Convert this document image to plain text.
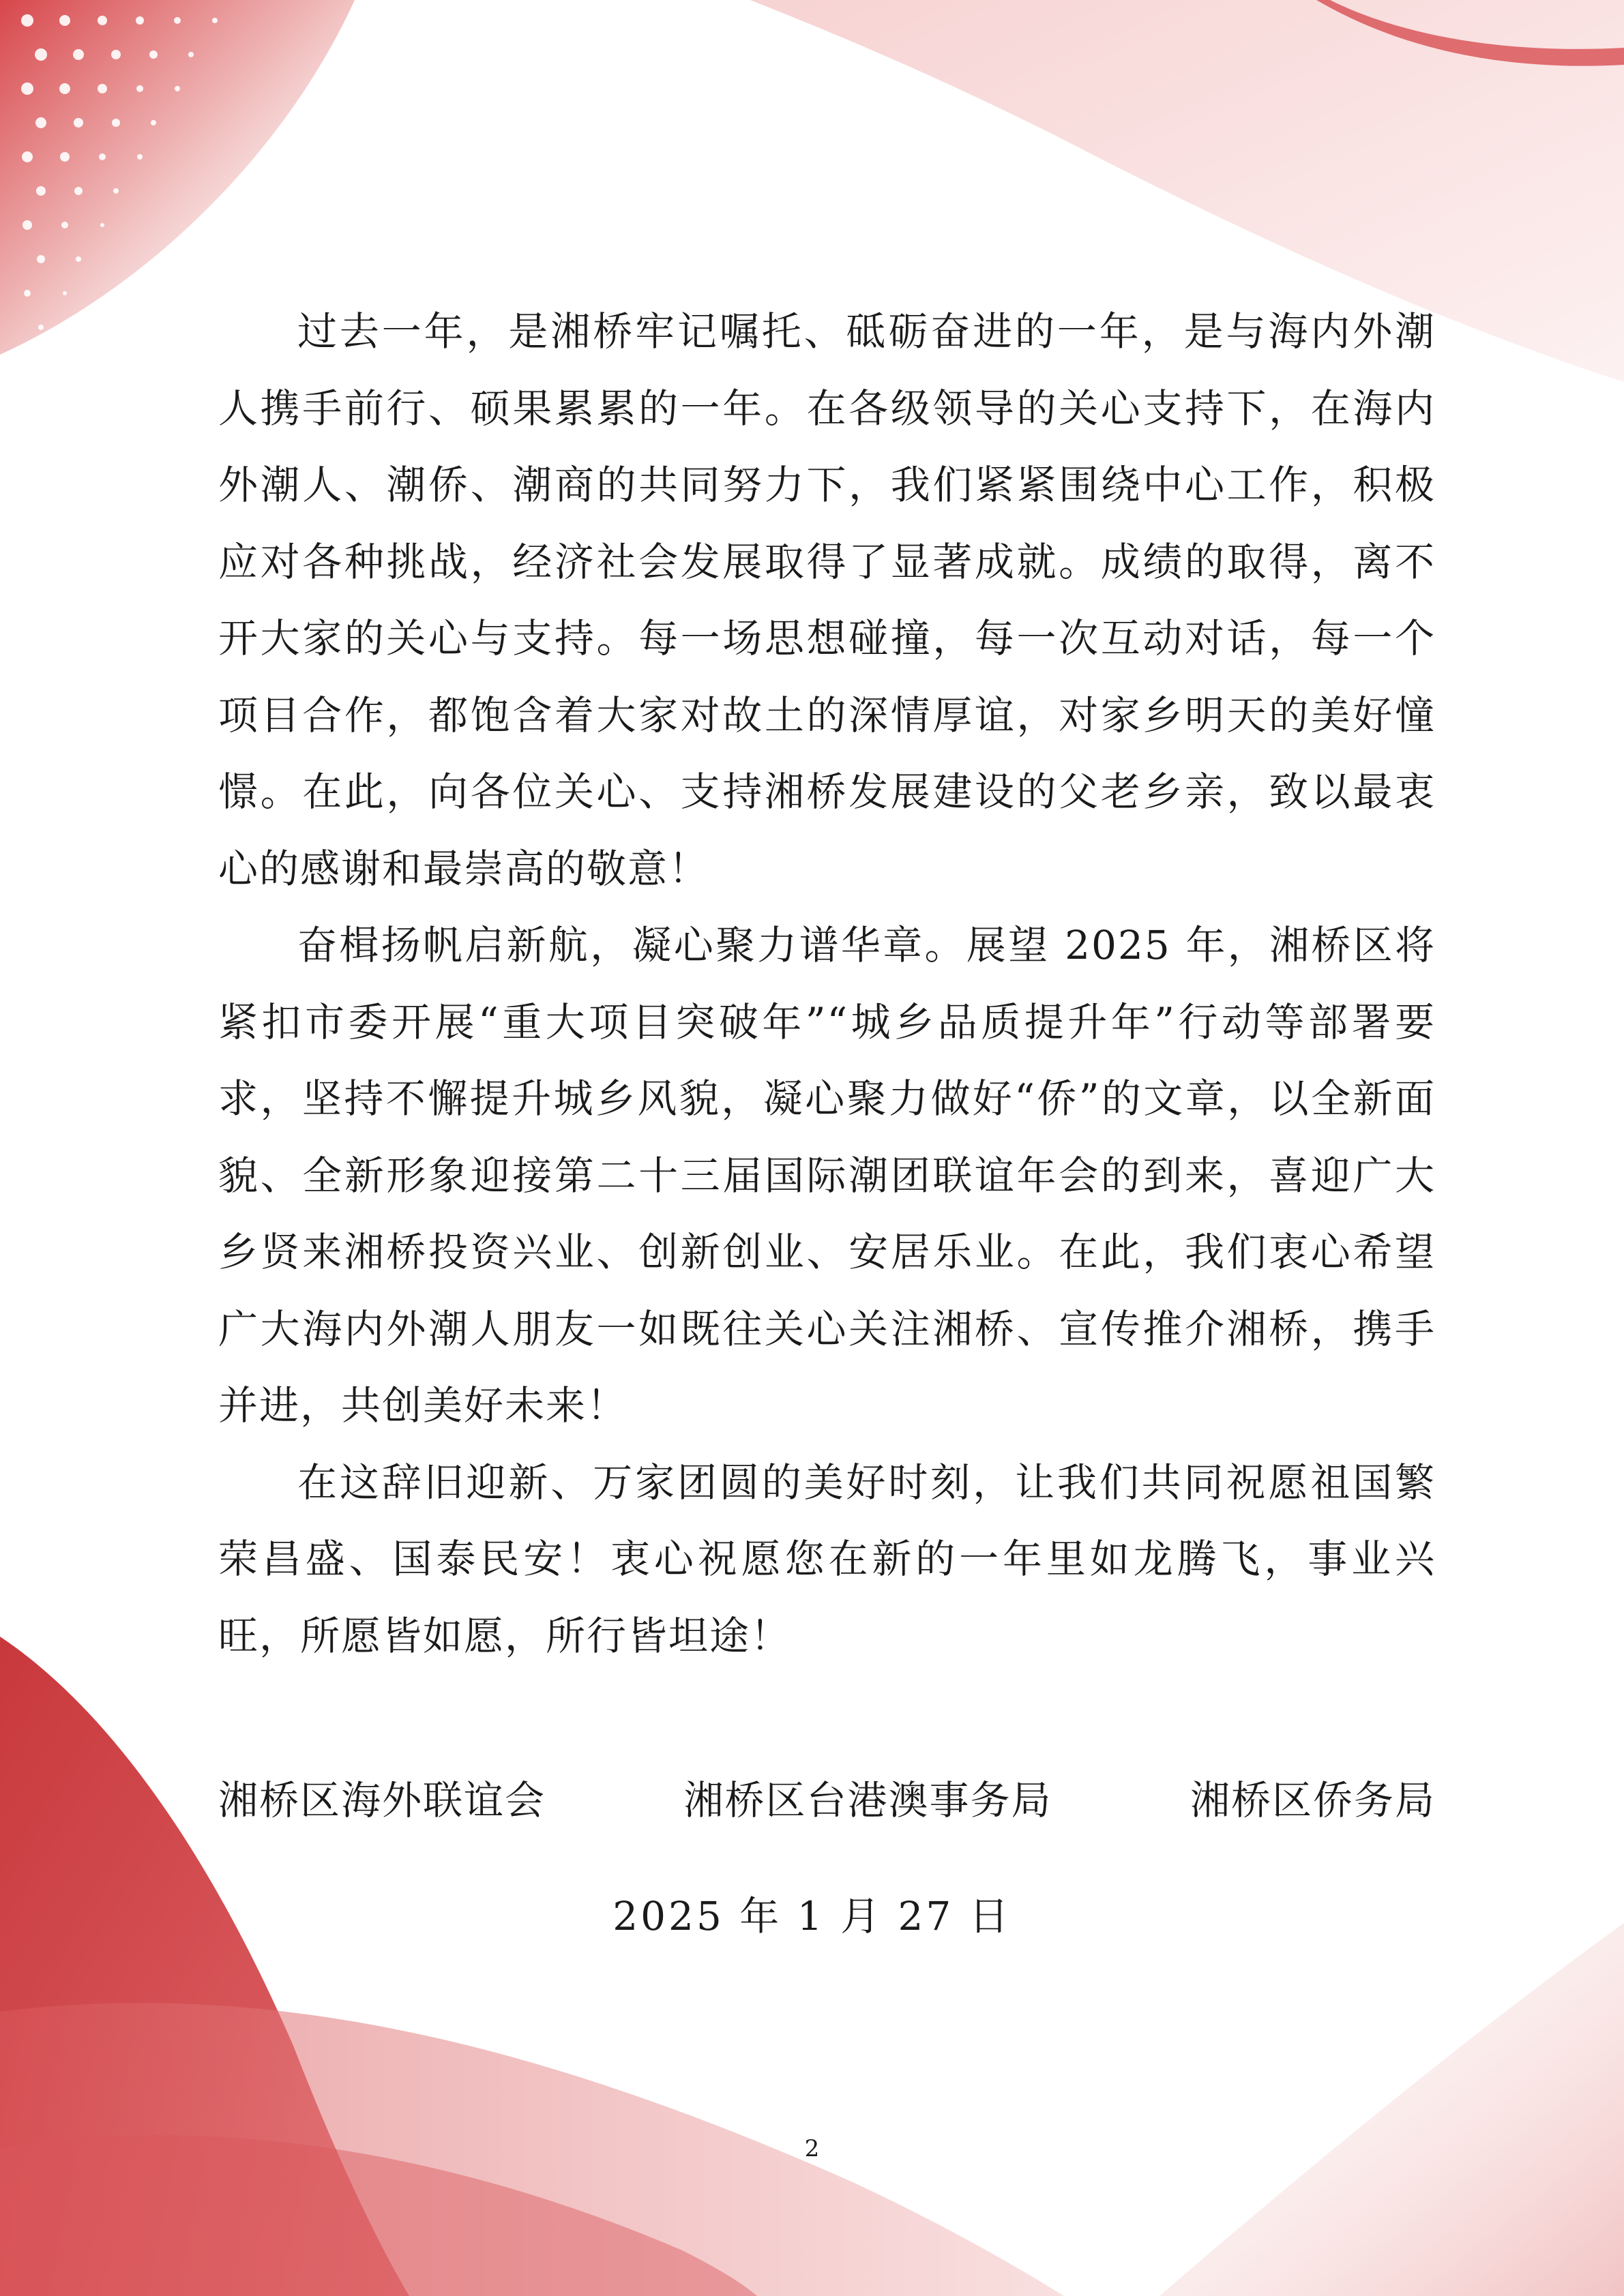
过去一年，是湘桥牢记嘱托、砥砺奋进的一年，是与海内外潮人携手前行、硕果累累的一年。在各级领导的关心支持下，在海内外潮人、潮侨、潮商的共同努力下，我们紧紧围绕中心工作，积极应对各种挑战，经济社会发展取得了显著成就。成绩的取得，离不开大家的关心与支持。每一场思想碰撞，每一次互动对话，每一个项目合作，都饱含着大家对故土的深情厚谊，对家乡明天的美好憧憬。在此，向各位关心、支持湘桥发展建设的父老乡亲，致以最衷心的感谢和最崇高的敬意！

奋楫扬帆启新航，凝心聚力谱华章。展望 2025 年，湘桥区将紧扣市委开展“重大项目突破年”“城乡品质提升年”行动等部署要求，坚持不懈提升城乡风貌，凝心聚力做好“侨”的文章，以全新面貌、全新形象迎接第二十三届国际潮团联谊年会的到来，喜迎广大乡贤来湘桥投资兴业、创新创业、安居乐业。在此，我们衷心希望广大海内外潮人朋友一如既往关心关注湘桥、宣传推介湘桥，携手并进，共创美好未来！

在这辞旧迎新、万家团圆的美好时刻，让我们共同祝愿祖国繁荣昌盛、国泰民安！衷心祝愿您在新的一年里如龙腾飞，事业兴旺，所愿皆如愿，所行皆坦途！

湘桥区海外联谊会	湘桥区台港澳事务局	湘桥区侨务局
2025 年 1 月 27 日
2
